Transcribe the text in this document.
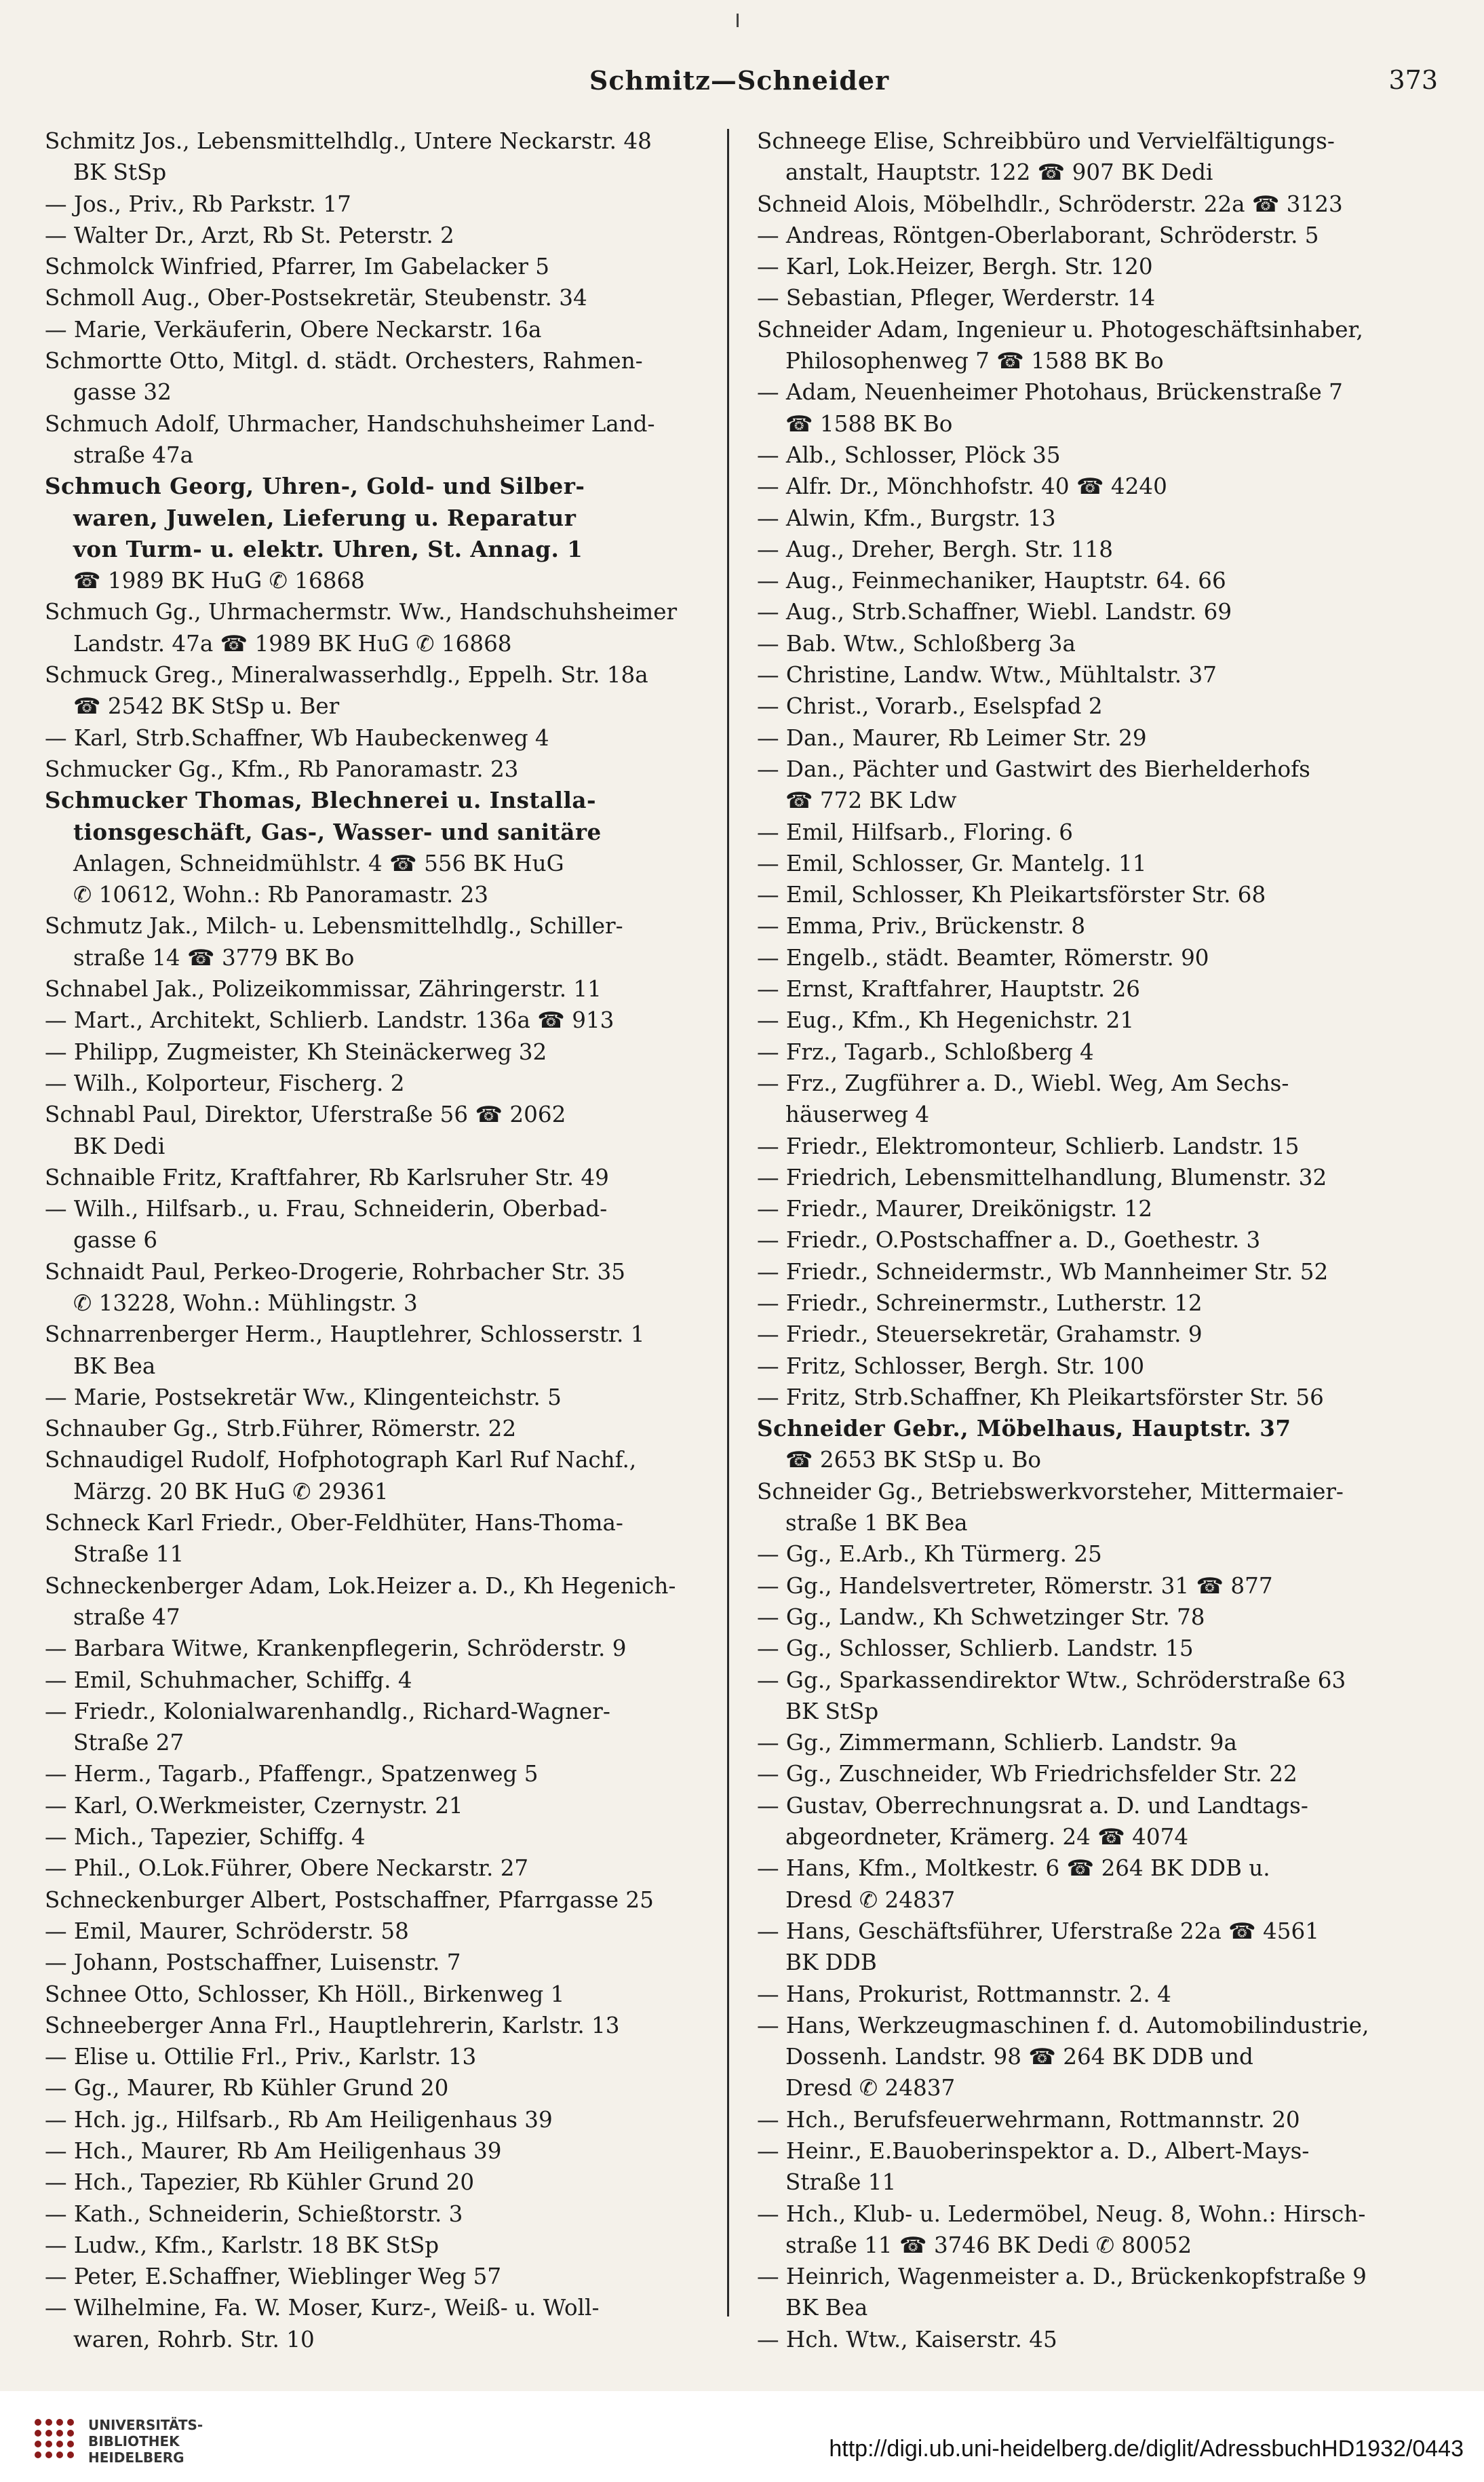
Schmitz—Schneider	373
Schmitz Jos., Lebensmittelhdlg., Untere Neckarstr. 48
BK StSp
— Jos., Priv., Rb Parkstr. 17
— Walter Dr., Arzt, Rb St. Peterstr. 2
Schmolck Winfried, Pfarrer, Im Gabelacker 5
Schmoll Aug., Ober-Postsekretär, Steubenstr. 34
— Marie, Verkäuferin, Obere Neckarstr. 16a
Schmortte Otto, Mitgl. d. städt. Orchesters, Rahmen-
gasse 32
Schmuch Adolf, Uhrmacher, Handschuhsheimer Land-
straße 47a
Schmuch Georg, Uhren-, Gold- und Silber-
waren, Juwelen, Lieferung u. Reparatur
von Turm- u. elektr. Uhren, St. Annag. 1
☎ 1989 BK HuG ✆ 16868
Schmuch Gg., Uhrmachermstr. Ww., Handschuhsheimer
Landstr. 47a ☎ 1989 BK HuG ✆ 16868
Schmuck Greg., Mineralwasserhdlg., Eppelh. Str. 18a
☎ 2542 BK StSp u. Ber
— Karl, Strb.Schaffner, Wb Haubeckenweg 4
Schmucker Gg., Kfm., Rb Panoramastr. 23
Schmucker Thomas, Blechnerei u. Installa-
tionsgeschäft, Gas-, Wasser- und sanitäre
Anlagen, Schneidmühlstr. 4 ☎ 556 BK HuG
✆ 10612, Wohn.: Rb Panoramastr. 23
Schmutz Jak., Milch- u. Lebensmittelhdlg., Schiller-
straße 14 ☎ 3779 BK Bo
Schnabel Jak., Polizeikommissar, Zähringerstr. 11
— Mart., Architekt, Schlierb. Landstr. 136a ☎ 913
— Philipp, Zugmeister, Kh Steinäckerweg 32
— Wilh., Kolporteur, Fischerg. 2
Schnabl Paul, Direktor, Uferstraße 56 ☎ 2062
BK Dedi
Schnaible Fritz, Kraftfahrer, Rb Karlsruher Str. 49
— Wilh., Hilfsarb., u. Frau, Schneiderin, Oberbad-
gasse 6
Schnaidt Paul, Perkeo-Drogerie, Rohrbacher Str. 35
✆ 13228, Wohn.: Mühlingstr. 3
Schnarrenberger Herm., Hauptlehrer, Schlosserstr. 1
BK Bea
— Marie, Postsekretär Ww., Klingenteichstr. 5
Schnauber Gg., Strb.Führer, Römerstr. 22
Schnaudigel Rudolf, Hofphotograph Karl Ruf Nachf.,
Märzg. 20 BK HuG ✆ 29361
Schneck Karl Friedr., Ober-Feldhüter, Hans-Thoma-
Straße 11
Schneckenberger Adam, Lok.Heizer a. D., Kh Hegenich-
straße 47
— Barbara Witwe, Krankenpflegerin, Schröderstr. 9
— Emil, Schuhmacher, Schiffg. 4
— Friedr., Kolonialwarenhandlg., Richard-Wagner-
Straße 27
— Herm., Tagarb., Pfaffengr., Spatzenweg 5
— Karl, O.Werkmeister, Czernystr. 21
— Mich., Tapezier, Schiffg. 4
— Phil., O.Lok.Führer, Obere Neckarstr. 27
Schneckenburger Albert, Postschaffner, Pfarrgasse 25
— Emil, Maurer, Schröderstr. 58
— Johann, Postschaffner, Luisenstr. 7
Schnee Otto, Schlosser, Kh Höll., Birkenweg 1
Schneeberger Anna Frl., Hauptlehrerin, Karlstr. 13
— Elise u. Ottilie Frl., Priv., Karlstr. 13
— Gg., Maurer, Rb Kühler Grund 20
— Hch. jg., Hilfsarb., Rb Am Heiligenhaus 39
— Hch., Maurer, Rb Am Heiligenhaus 39
— Hch., Tapezier, Rb Kühler Grund 20
— Kath., Schneiderin, Schießtorstr. 3
— Ludw., Kfm., Karlstr. 18 BK StSp
— Peter, E.Schaffner, Wieblinger Weg 57
— Wilhelmine, Fa. W. Moser, Kurz-, Weiß- u. Woll-
waren, Rohrb. Str. 10
Schneege Elise, Schreibbüro und Vervielfältigungs-
anstalt, Hauptstr. 122 ☎ 907 BK Dedi
Schneid Alois, Möbelhdlr., Schröderstr. 22a ☎ 3123
— Andreas, Röntgen-Oberlaborant, Schröderstr. 5
— Karl, Lok.Heizer, Bergh. Str. 120
— Sebastian, Pfleger, Werderstr. 14
Schneider Adam, Ingenieur u. Photogeschäftsinhaber,
Philosophenweg 7 ☎ 1588 BK Bo
— Adam, Neuenheimer Photohaus, Brückenstraße 7
☎ 1588 BK Bo
— Alb., Schlosser, Plöck 35
— Alfr. Dr., Mönchhofstr. 40 ☎ 4240
— Alwin, Kfm., Burgstr. 13
— Aug., Dreher, Bergh. Str. 118
— Aug., Feinmechaniker, Hauptstr. 64. 66
— Aug., Strb.Schaffner, Wiebl. Landstr. 69
— Bab. Wtw., Schloßberg 3a
— Christine, Landw. Wtw., Mühltalstr. 37
— Christ., Vorarb., Eselspfad 2
— Dan., Maurer, Rb Leimer Str. 29
— Dan., Pächter und Gastwirt des Bierhelderhofs
☎ 772 BK Ldw
— Emil, Hilfsarb., Floring. 6
— Emil, Schlosser, Gr. Mantelg. 11
— Emil, Schlosser, Kh Pleikartsförster Str. 68
— Emma, Priv., Brückenstr. 8
— Engelb., städt. Beamter, Römerstr. 90
— Ernst, Kraftfahrer, Hauptstr. 26
— Eug., Kfm., Kh Hegenichstr. 21
— Frz., Tagarb., Schloßberg 4
— Frz., Zugführer a. D., Wiebl. Weg, Am Sechs-
häuserweg 4
— Friedr., Elektromonteur, Schlierb. Landstr. 15
— Friedrich, Lebensmittelhandlung, Blumenstr. 32
— Friedr., Maurer, Dreikönigstr. 12
— Friedr., O.Postschaffner a. D., Goethestr. 3
— Friedr., Schneidermstr., Wb Mannheimer Str. 52
— Friedr., Schreinermstr., Lutherstr. 12
— Friedr., Steuersekretär, Grahamstr. 9
— Fritz, Schlosser, Bergh. Str. 100
— Fritz, Strb.Schaffner, Kh Pleikartsförster Str. 56
Schneider Gebr., Möbelhaus, Hauptstr. 37
☎ 2653 BK StSp u. Bo
Schneider Gg., Betriebswerkvorsteher, Mittermaier-
straße 1 BK Bea
— Gg., E.Arb., Kh Türmerg. 25
— Gg., Handelsvertreter, Römerstr. 31 ☎ 877
— Gg., Landw., Kh Schwetzinger Str. 78
— Gg., Schlosser, Schlierb. Landstr. 15
— Gg., Sparkassendirektor Wtw., Schröderstraße 63
BK StSp
— Gg., Zimmermann, Schlierb. Landstr. 9a
— Gg., Zuschneider, Wb Friedrichsfelder Str. 22
— Gustav, Oberrechnungsrat a. D. und Landtags-
abgeordneter, Krämerg. 24 ☎ 4074
— Hans, Kfm., Moltkestr. 6 ☎ 264 BK DDB u.
Dresd ✆ 24837
— Hans, Geschäftsführer, Uferstraße 22a ☎ 4561
BK DDB
— Hans, Prokurist, Rottmannstr. 2. 4
— Hans, Werkzeugmaschinen f. d. Automobilindustrie,
Dossenh. Landstr. 98 ☎ 264 BK DDB und
Dresd ✆ 24837
— Hch., Berufsfeuerwehrmann, Rottmannstr. 20
— Heinr., E.Bauoberinspektor a. D., Albert-Mays-
Straße 11
— Hch., Klub- u. Ledermöbel, Neug. 8, Wohn.: Hirsch-
straße 11 ☎ 3746 BK Dedi ✆ 80052
— Heinrich, Wagenmeister a. D., Brückenkopfstraße 9
BK Bea
— Hch. Wtw., Kaiserstr. 45
UNIVERSITÄTS-
BIBLIOTHEK
HEIDELBERG	http://digi.ub.uni-heidelberg.de/diglit/AdressbuchHD1932/0443
